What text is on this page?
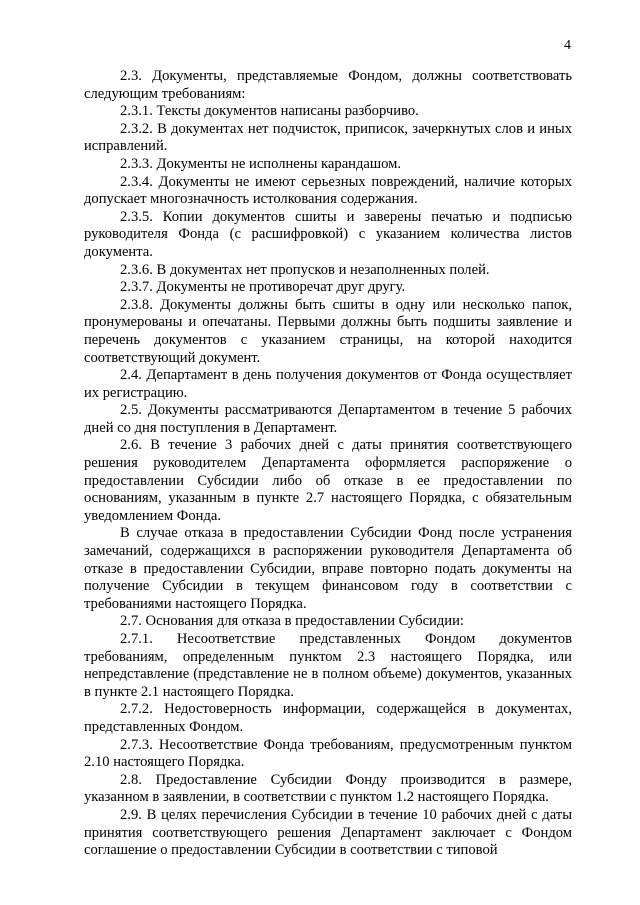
4

2.3. Документы, представляемые Фондом, должны соответствовать следующим требованиям:

2.3.1. Тексты документов написаны разборчиво.

2.3.2. В документах нет подчисток, приписок, зачеркнутых слов и иных исправлений.

2.3.3. Документы не исполнены карандашом.

2.3.4. Документы не имеют серьезных повреждений, наличие которых допускает многозначность истолкования содержания.

2.3.5. Копии документов сшиты и заверены печатью и подписью руководителя Фонда (с расшифровкой) с указанием количества листов документа.

2.3.6. В документах нет пропусков и незаполненных полей.

2.3.7. Документы не противоречат друг другу.

2.3.8. Документы должны быть сшиты в одну или несколько папок, пронумерованы и опечатаны. Первыми должны быть подшиты заявление и перечень документов с указанием страницы, на которой находится соответствующий документ.

2.4. Департамент в день получения документов от Фонда осуществляет их регистрацию.

2.5. Документы рассматриваются Департаментом в течение 5 рабочих дней со дня поступления в Департамент.

2.6. В течение 3 рабочих дней с даты принятия соответствующего решения руководителем Департамента оформляется распоряжение о предоставлении Субсидии либо об отказе в ее предоставлении по основаниям, указанным в пункте 2.7 настоящего Порядка, с обязательным уведомлением Фонда.

В случае отказа в предоставлении Субсидии Фонд после устранения замечаний, содержащихся в распоряжении руководителя Департамента об отказе в предоставлении Субсидии, вправе повторно подать документы на получение Субсидии в текущем финансовом году в соответствии с требованиями настоящего Порядка.

2.7. Основания для отказа в предоставлении Субсидии:

2.7.1. Несоответствие представленных Фондом документов требованиям, определенным пунктом 2.3 настоящего Порядка, или непредставление (представление не в полном объеме) документов, указанных в пункте 2.1 настоящего Порядка.

2.7.2. Недостоверность информации, содержащейся в документах, представленных Фондом.

2.7.3. Несоответствие Фонда требованиям, предусмотренным пунктом 2.10 настоящего Порядка.

2.8. Предоставление Субсидии Фонду производится в размере, указанном в заявлении, в соответствии с пунктом 1.2 настоящего Порядка.

2.9. В целях перечисления Субсидии в течение 10 рабочих дней с даты принятия соответствующего решения Департамент заключает с Фондом соглашение о предоставлении Субсидии в соответствии с типовой
